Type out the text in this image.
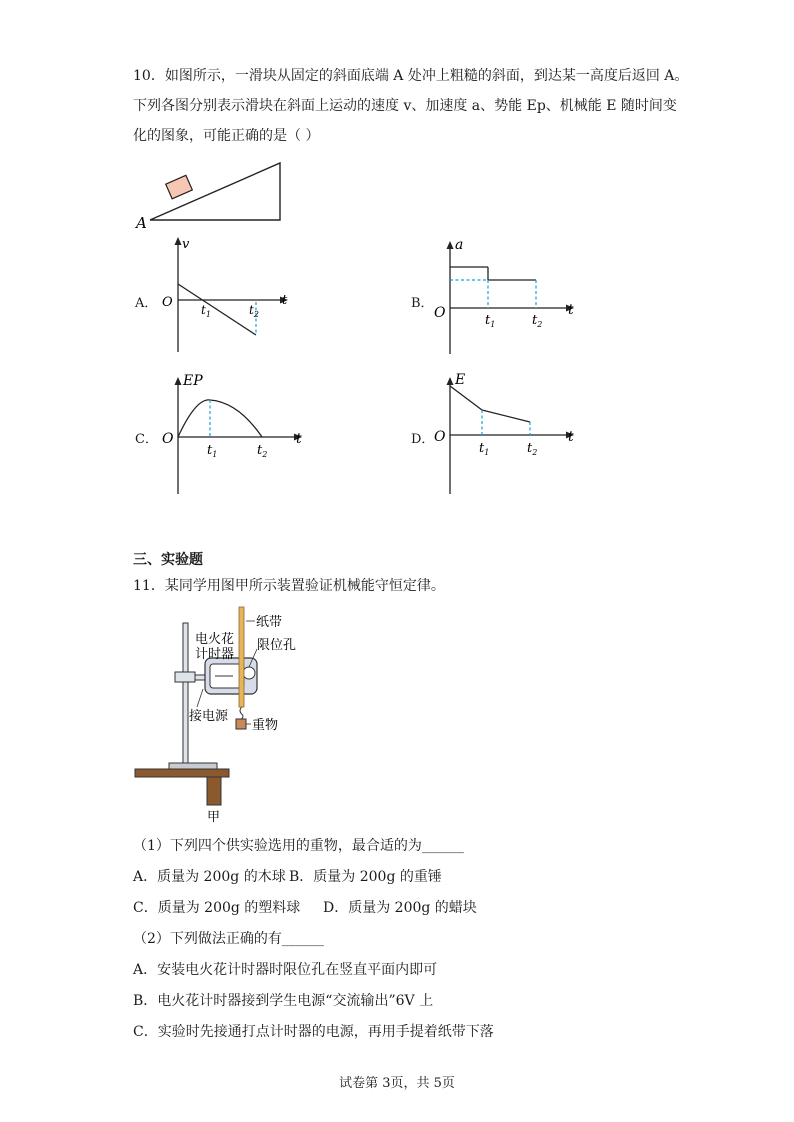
10．如图所示，一滑块从固定的斜面底端 A 处冲上粗糙的斜面，到达某一高度后返回 A。
下列各图分别表示滑块在斜面上运动的速度 v、加速度 a、势能 Ep、机械能 E 随时间变
化的图象，可能正确的是（ ）
A
A．
v
O	t
$t_1$	$t_2$
B．
a
O	t
$t_1$	$t_2$
C．
EP
O	t
$t_1$	$t_2$
D．
E
O	t
$t_1$	$t_2$
三、实验题
11．某同学用图甲所示装置验证机械能守恒定律。
电火花
计时器
纸带
限位孔
接电源
重物
甲
（1）下列四个供实验选用的重物，最合适的为______
A．质量为 200g 的木球 B．质量为 200g 的重锤
C．质量为 200g 的塑料球 D．质量为 200g 的蜡块
（2）下列做法正确的有______
A．安装电火花计时器时限位孔在竖直平面内即可
B．电火花计时器接到学生电源“交流输出”6V 上
C．实验时先接通打点计时器的电源，再用手提着纸带下落
试卷第 3页，共 5页
